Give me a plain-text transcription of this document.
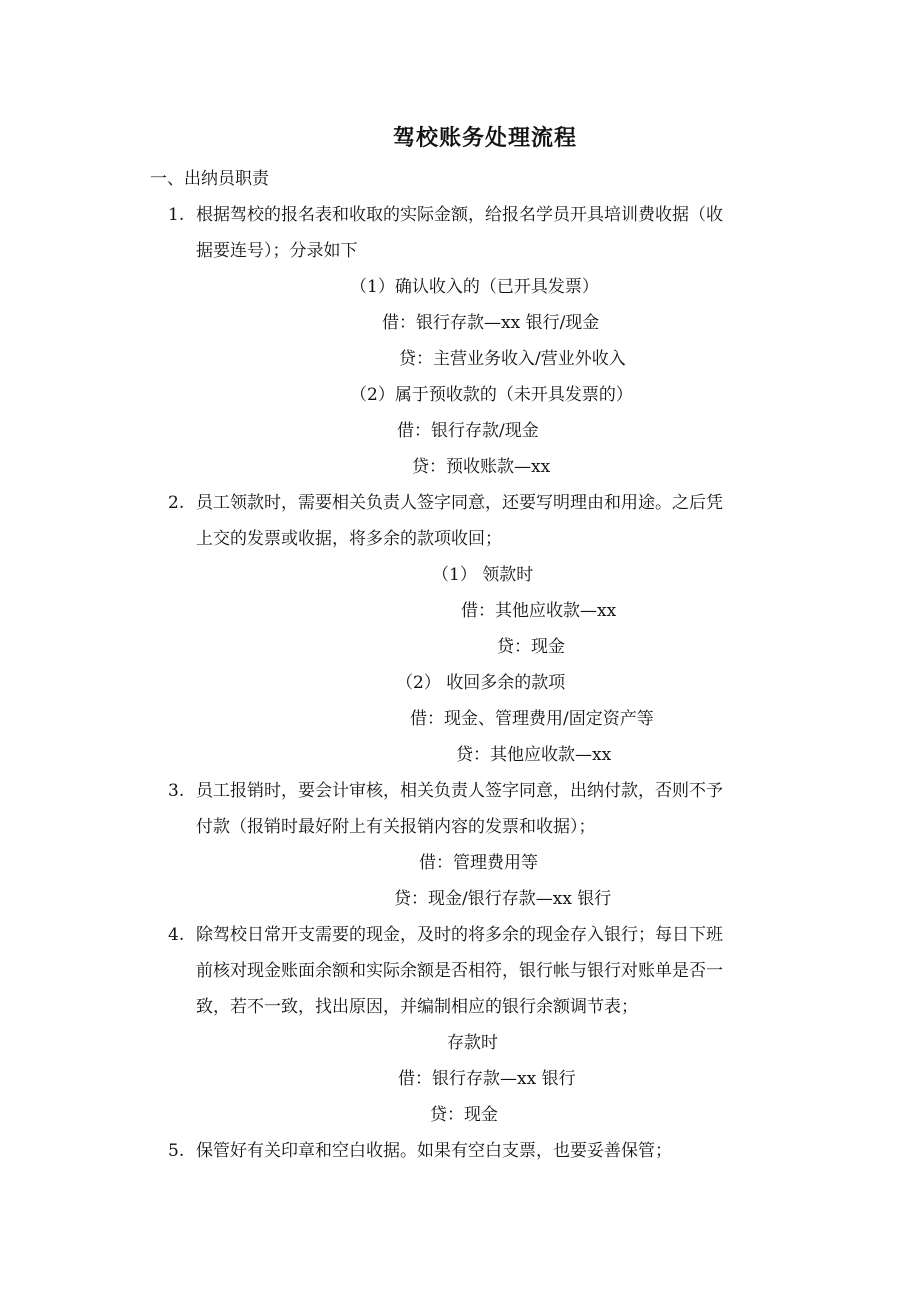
驾校账务处理流程
一、出纳员职责
1. 根据驾校的报名表和收取的实际金额，给报名学员开具培训费收据（收
据要连号）；分录如下
（1）确认收入的（已开具发票）
借：银行存款—xx 银行/现金
贷：主营业务收入/营业外收入
（2）属于预收款的（未开具发票的）
借：银行存款/现金
贷：预收账款—xx
2. 员工领款时，需要相关负责人签字同意，还要写明理由和用途。之后凭
上交的发票或收据，将多余的款项收回；
（1） 领款时
借：其他应收款—xx
贷：现金
（2） 收回多余的款项
借：现金、管理费用/固定资产等
贷：其他应收款—xx
3. 员工报销时，要会计审核，相关负责人签字同意，出纳付款，否则不予
付款（报销时最好附上有关报销内容的发票和收据）；
借：管理费用等
贷：现金/银行存款—xx 银行
4. 除驾校日常开支需要的现金，及时的将多余的现金存入银行；每日下班
前核对现金账面余额和实际余额是否相符，银行帐与银行对账单是否一
致，若不一致，找出原因，并编制相应的银行余额调节表；
存款时
借：银行存款—xx 银行
贷：现金
5. 保管好有关印章和空白收据。如果有空白支票，也要妥善保管；
